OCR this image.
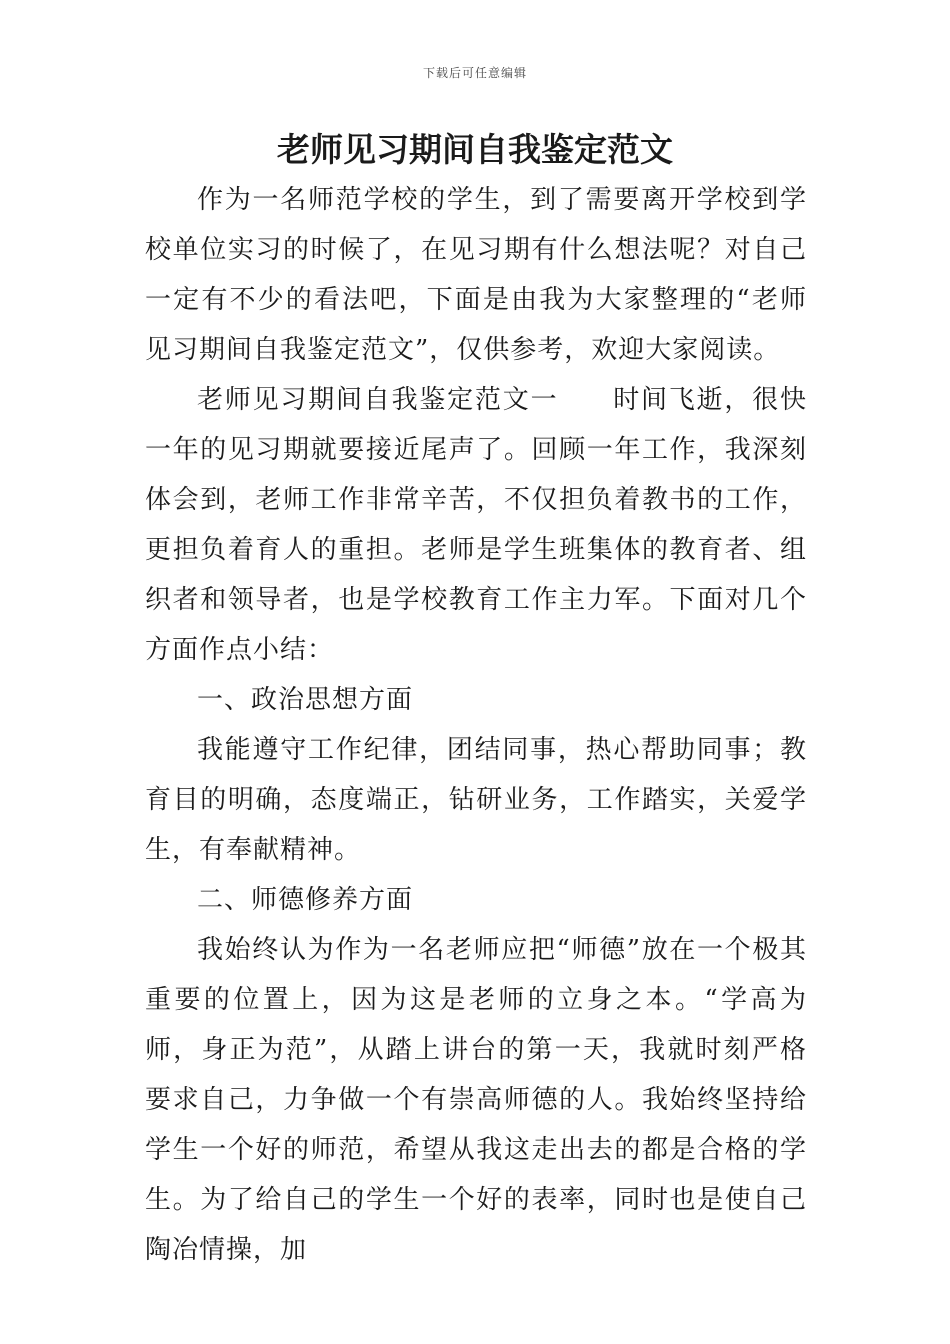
下载后可任意编辑
老师见习期间自我鉴定范文

作为一名师范学校的学生，到了需要离开学校到学校单位实习的时候了，在见习期有什么想法呢？对自己一定有不少的看法吧，下面是由我为大家整理的“老师见习期间自我鉴定范文”，仅供参考，欢迎大家阅读。

老师见习期间自我鉴定范文一 时间飞逝，很快一年的见习期就要接近尾声了。回顾一年工作，我深刻体会到，老师工作非常辛苦，不仅担负着教书的工作，更担负着育人的重担。老师是学生班集体的教育者、组织者和领导者，也是学校教育工作主力军。下面对几个方面作点小结：

一、政治思想方面

我能遵守工作纪律，团结同事，热心帮助同事；教育目的明确，态度端正，钻研业务，工作踏实，关爱学生，有奉献精神。

二、师德修养方面

我始终认为作为一名老师应把“师德”放在一个极其重要的位置上，因为这是老师的立身之本。“学高为师，身正为范”，从踏上讲台的第一天，我就时刻严格要求自己，力争做一个有崇高师德的人。我始终坚持给学生一个好的师范，希望从我这走出去的都是合格的学生。为了给自己的学生一个好的表率，同时也是使自己陶冶情操，加
